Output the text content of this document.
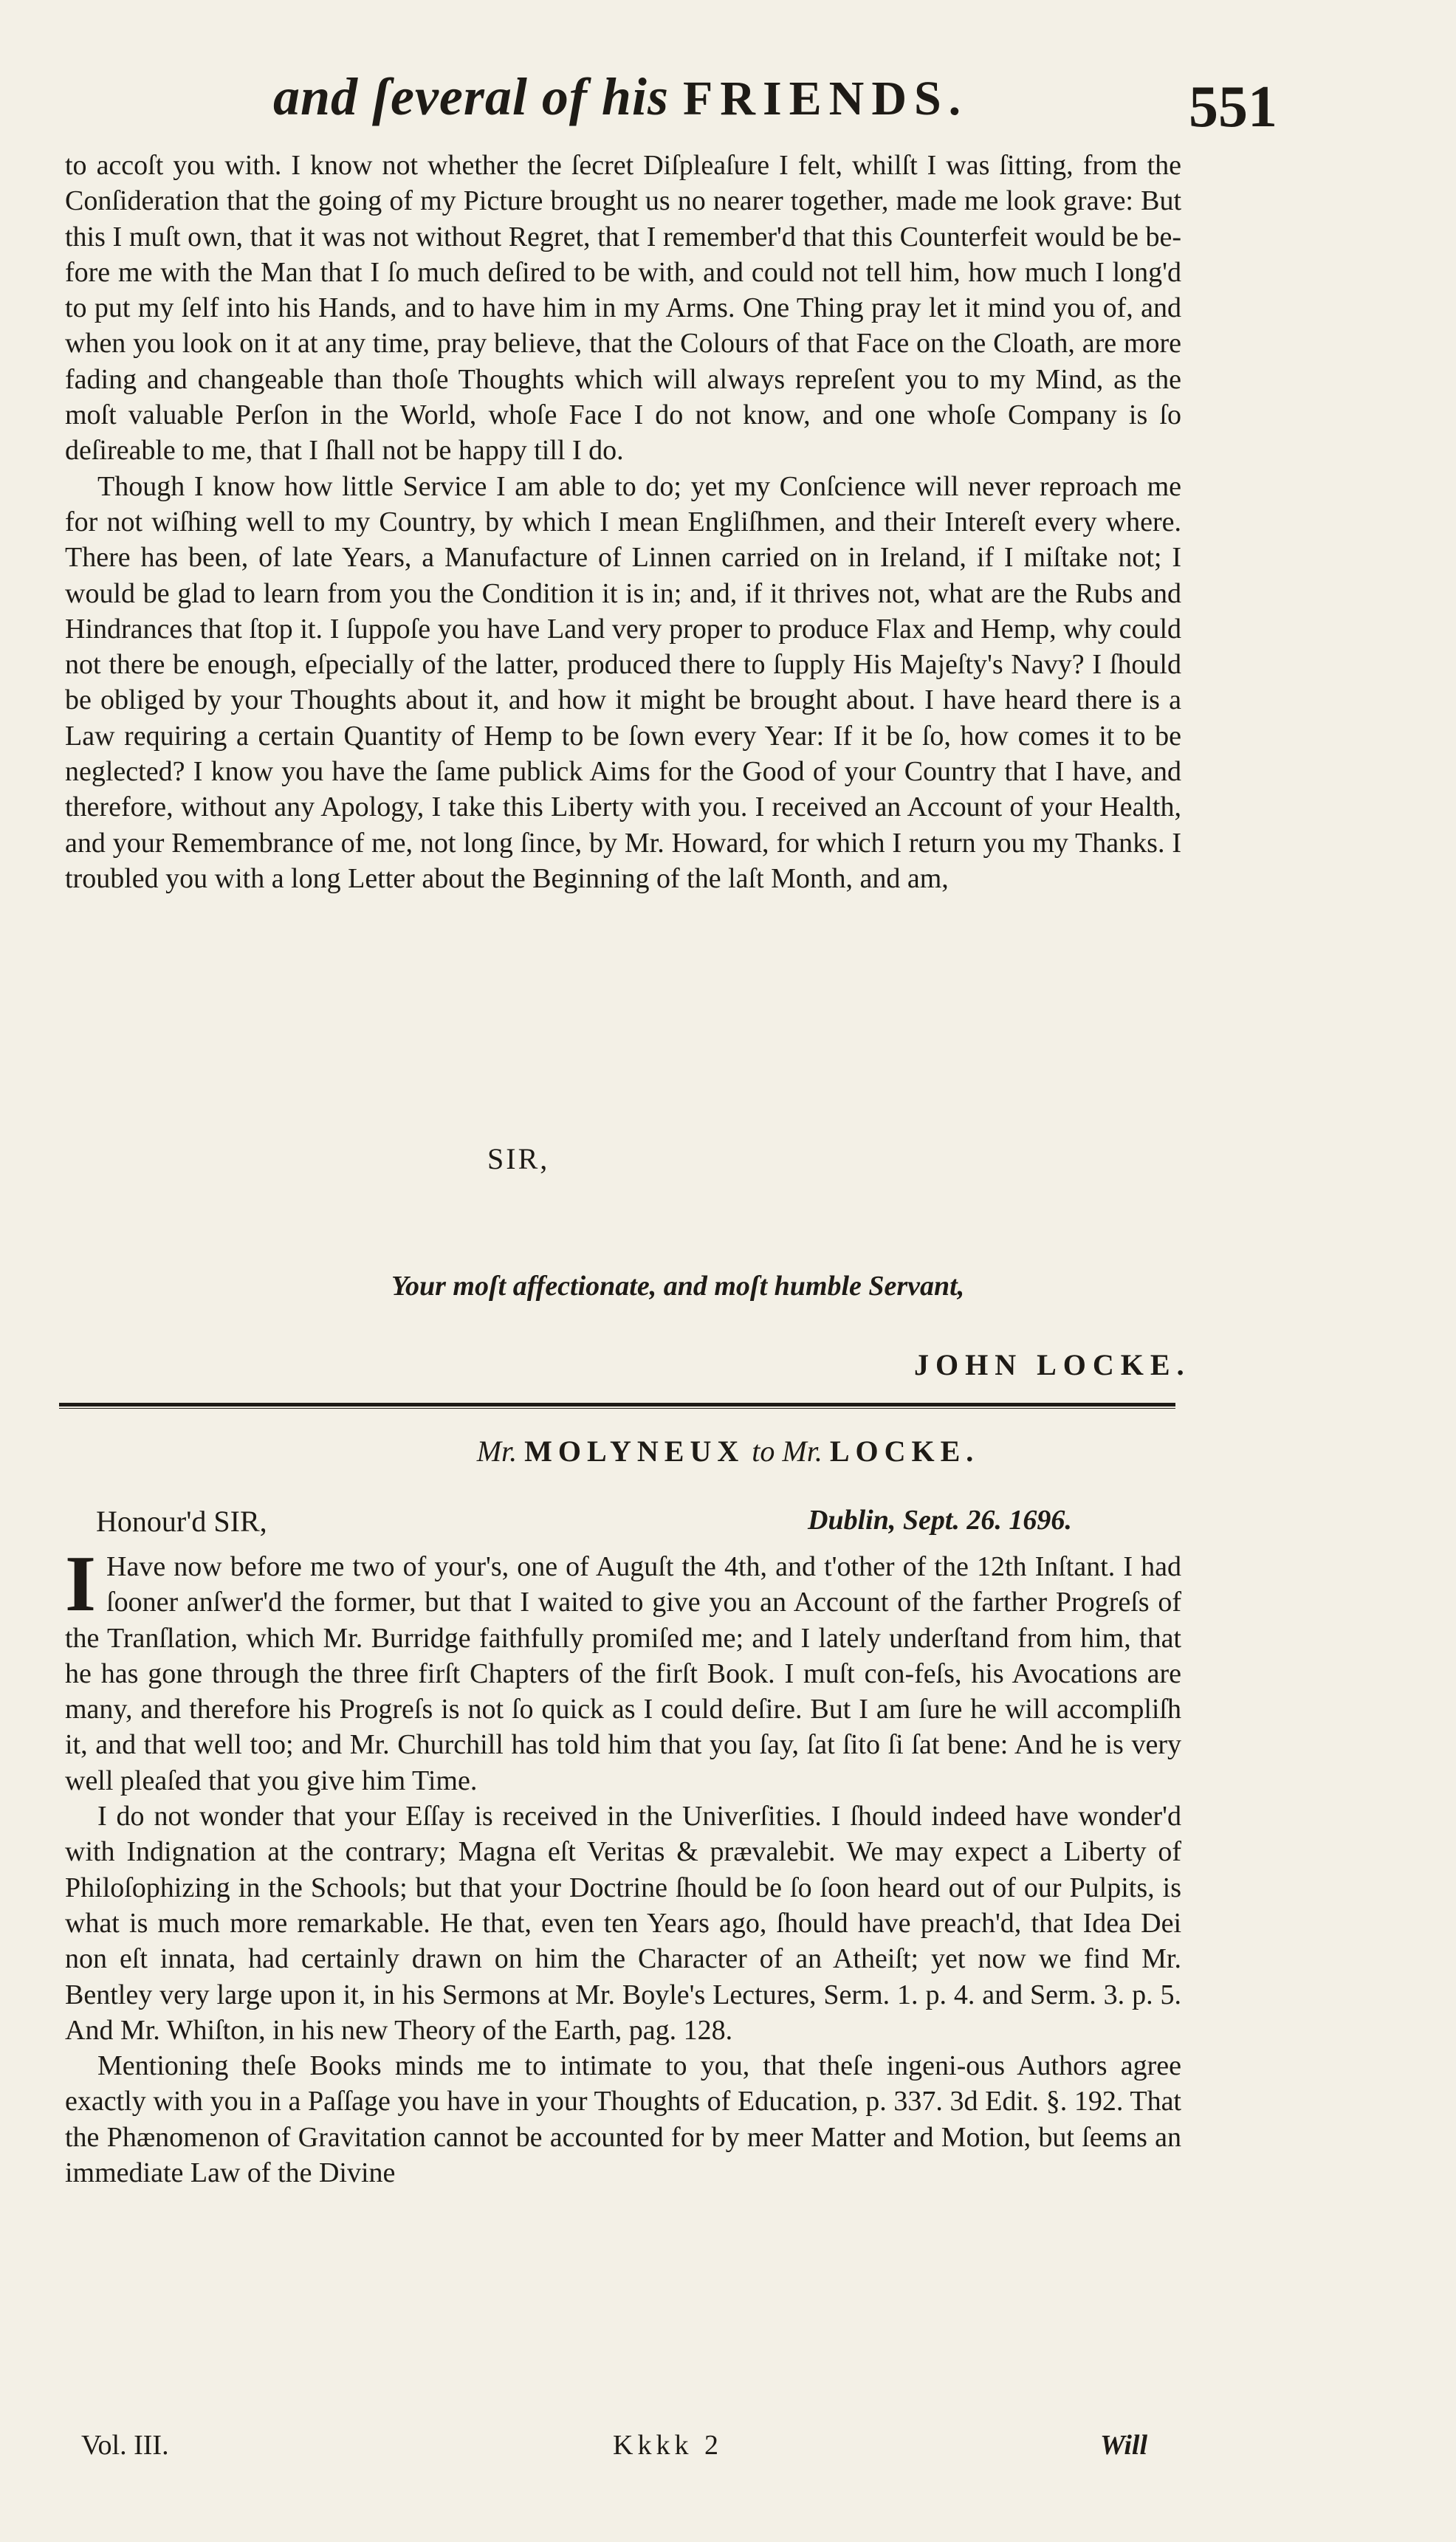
and ſeveral of his FRIENDS.	551

to accoſt you with. I know not whether the ſecret Diſpleaſure I felt, whilſt I was ſitting, from the Conſideration that the going of my Picture brought us no nearer together, made me look grave: But this I muſt own, that it was not without Regret, that I remember'd that this Counterfeit would be be-fore me with the Man that I ſo much deſired to be with, and could not tell him, how much I long'd to put my ſelf into his Hands, and to have him in my Arms. One Thing pray let it mind you of, and when you look on it at any time, pray believe, that the Colours of that Face on the Cloath, are more fading and changeable than thoſe Thoughts which will always repreſent you to my Mind, as the moſt valuable Perſon in the World, whoſe Face I do not know, and one whoſe Company is ſo deſireable to me, that I ſhall not be happy till I do.

Though I know how little Service I am able to do; yet my Conſcience will never reproach me for not wiſhing well to my Country, by which I mean Engliſhmen, and their Intereſt every where. There has been, of late Years, a Manufacture of Linnen carried on in Ireland, if I miſtake not; I would be glad to learn from you the Condition it is in; and, if it thrives not, what are the Rubs and Hindrances that ſtop it. I ſuppoſe you have Land very proper to produce Flax and Hemp, why could not there be enough, eſpecially of the latter, produced there to ſupply His Majeſty's Navy? I ſhould be obliged by your Thoughts about it, and how it might be brought about. I have heard there is a Law requiring a certain Quantity of Hemp to be ſown every Year: If it be ſo, how comes it to be neglected? I know you have the ſame publick Aims for the Good of your Country that I have, and therefore, without any Apology, I take this Liberty with you. I received an Account of your Health, and your Remembrance of me, not long ſince, by Mr. Howard, for which I return you my Thanks. I troubled you with a long Letter about the Beginning of the laſt Month, and am,

SIR,
Your moſt affectionate, and moſt humble Servant,
JOHN LOCKE.
Mr. MOLYNEUX to Mr. LOCKE.
Honour'd SIR,	Dublin, Sept. 26. 1696.

I Have now before me two of your's, one of Auguſt the 4th, and t'other of the 12th Inſtant. I had ſooner anſwer'd the former, but that I waited to give you an Account of the farther Progreſs of the Tranſlation, which Mr. Burridge faithfully promiſed me; and I lately underſtand from him, that he has gone through the three firſt Chapters of the firſt Book. I muſt con-feſs, his Avocations are many, and therefore his Progreſs is not ſo quick as I could deſire. But I am ſure he will accompliſh it, and that well too; and Mr. Churchill has told him that you ſay, ſat ſito ſi ſat bene: And he is very well pleaſed that you give him Time.

I do not wonder that your Eſſay is received in the Univerſities. I ſhould indeed have wonder'd with Indignation at the contrary; Magna eſt Veritas & prævalebit. We may expect a Liberty of Philoſophizing in the Schools; but that your Doctrine ſhould be ſo ſoon heard out of our Pulpits, is what is much more remarkable. He that, even ten Years ago, ſhould have preach'd, that Idea Dei non eſt innata, had certainly drawn on him the Character of an Atheiſt; yet now we find Mr. Bentley very large upon it, in his Sermons at Mr. Boyle's Lectures, Serm. 1. p. 4. and Serm. 3. p. 5. And Mr. Whiſton, in his new Theory of the Earth, pag. 128.

Mentioning theſe Books minds me to intimate to you, that theſe ingeni-ous Authors agree exactly with you in a Paſſage you have in your Thoughts of Education, p. 337. 3d Edit. §. 192. That the Phænomenon of Gravitation cannot be accounted for by meer Matter and Motion, but ſeems an immediate Law of the Divine

Vol. III.	Kkkk 2	Will
